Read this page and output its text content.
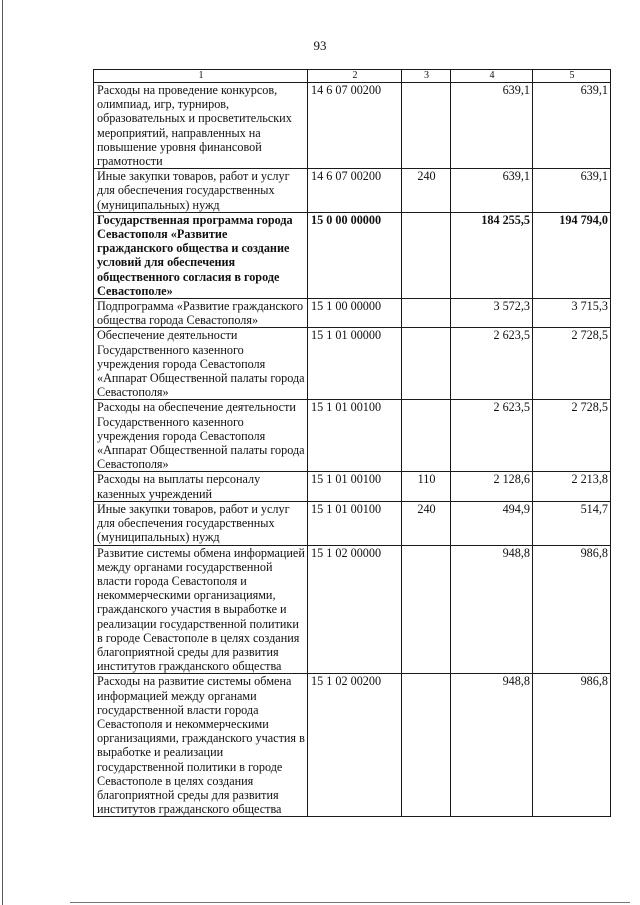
93
1	2	3	4	5
Расходы на проведение конкурсов, олимпиад, игр, турниров, образовательных и просветительских мероприятий, направленных на повышение уровня финансовой грамотности	14 6 07 00200		639,1	639,1
Иные закупки товаров, работ и услуг для обеспечения государственных (муниципальных) нужд	14 6 07 00200	240	639,1	639,1
Государственная программа города Севастополя «Развитие гражданского общества и создание условий для обеспечения общественного согласия в городе Севастополе»	15 0 00 00000		184 255,5	194 794,0
Подпрограмма «Развитие гражданского общества города Севастополя»	15 1 00 00000		3 572,3	3 715,3
Обеспечение деятельности Государственного казенного учреждения города Севастополя «Аппарат Общественной палаты города Севастополя»	15 1 01 00000		2 623,5	2 728,5
Расходы на обеспечение деятельности Государственного казенного учреждения города Севастополя «Аппарат Общественной палаты города Севастополя»	15 1 01 00100		2 623,5	2 728,5
Расходы на выплаты персоналу казенных учреждений	15 1 01 00100	110	2 128,6	2 213,8
Иные закупки товаров, работ и услуг для обеспечения государственных (муниципальных) нужд	15 1 01 00100	240	494,9	514,7
Развитие системы обмена информацией между органами государственной власти города Севастополя и некоммерческими организациями, гражданского участия в выработке и реализации государственной политики в городе Севастополе в целях создания благоприятной среды для развития институтов гражданского общества	15 1 02 00000		948,8	986,8
Расходы на развитие системы обмена информацией между органами государственной власти города Севастополя и некоммерческими организациями, гражданского участия в выработке и реализации государственной политики в городе Севастополе в целях создания благоприятной среды для развития институтов гражданского общества	15 1 02 00200		948,8	986,8
